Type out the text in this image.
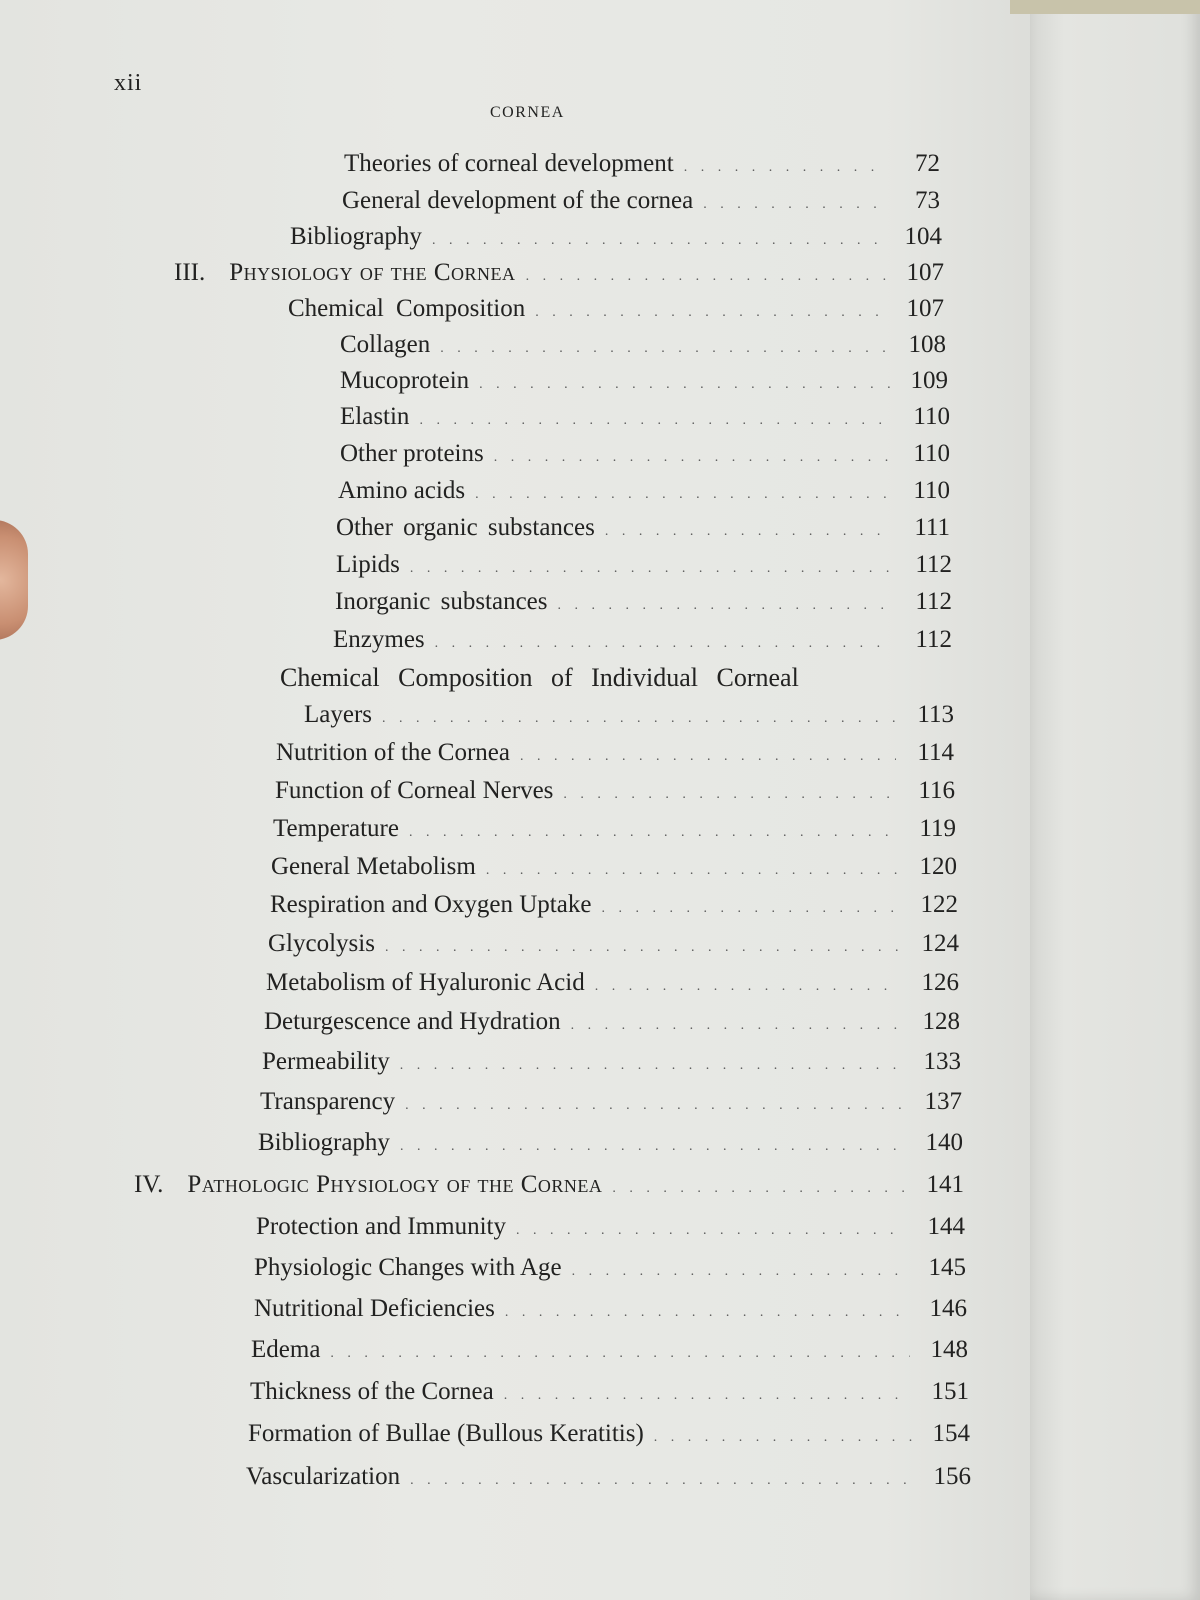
xii
CORNEA
Theories of corneal development . . .	72
General development of the cornea . . .	73
Bibliography . . .	104
III. Physiology of the Cornea . . .	107
Chemical Composition . . .	107
Collagen . . .	108
Mucoprotein . . .	109
Elastin . . .	110
Other proteins . . .	110
Amino acids . . .	110
Other organic substances . . .	111
Lipids . . .	112
Inorganic substances . . .	112
Enzymes . . .	112
Chemical Composition of Individual Corneal
Layers . . .	113
Nutrition of the Cornea . . .	114
Function of Corneal Nerves . . .	116
Temperature . . .	119
General Metabolism . . .	120
Respiration and Oxygen Uptake . . .	122
Glycolysis . . .	124
Metabolism of Hyaluronic Acid . . .	126
Deturgescence and Hydration . . .	128
Permeability . . .	133
Transparency . . .	137
Bibliography . . .	140
IV. Pathologic Physiology of the Cornea . . .	141
Protection and Immunity . . .	144
Physiologic Changes with Age . . .	145
Nutritional Deficiencies . . .	146
Edema . . .	148
Thickness of the Cornea . . .	151
Formation of Bullae (Bullous Keratitis) . . .	154
Vascularization . . .	156
